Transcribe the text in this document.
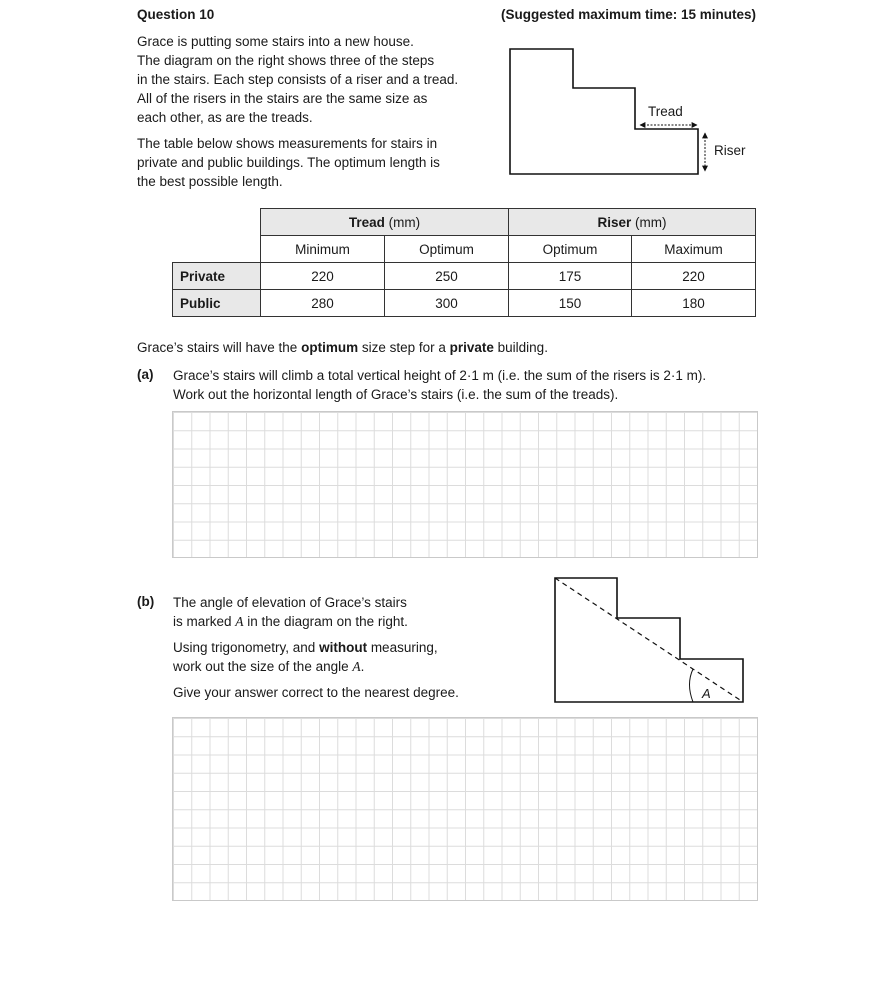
Question 10	(Suggested maximum time: 15 minutes)
Grace is putting some stairs into a new house.
The diagram on the right shows three of the steps
in the stairs. Each step consists of a riser and a tread.
All of the risers in the stairs are the same size as
each other, as are the treads.
The table below shows measurements for stairs in
private and public buildings. The optimum length is
the best possible length.
Tread
Riser
	Tread (mm)		Riser (mm)	
	Minimum	Optimum	Optimum	Maximum
Private	220	250	175	220
Public	280	300	150	180
Grace’s stairs will have the optimum size step for a private building.
(a) Grace’s stairs will climb a total vertical height of 2·1 m (i.e. the sum of the risers is 2·1 m).
Work out the horizontal length of Grace’s stairs (i.e. the sum of the treads).
(b) The angle of elevation of Grace’s stairs
is marked A in the diagram on the right.
Using trigonometry, and without measuring,
work out the size of the angle A.
Give your answer correct to the nearest degree.	A
